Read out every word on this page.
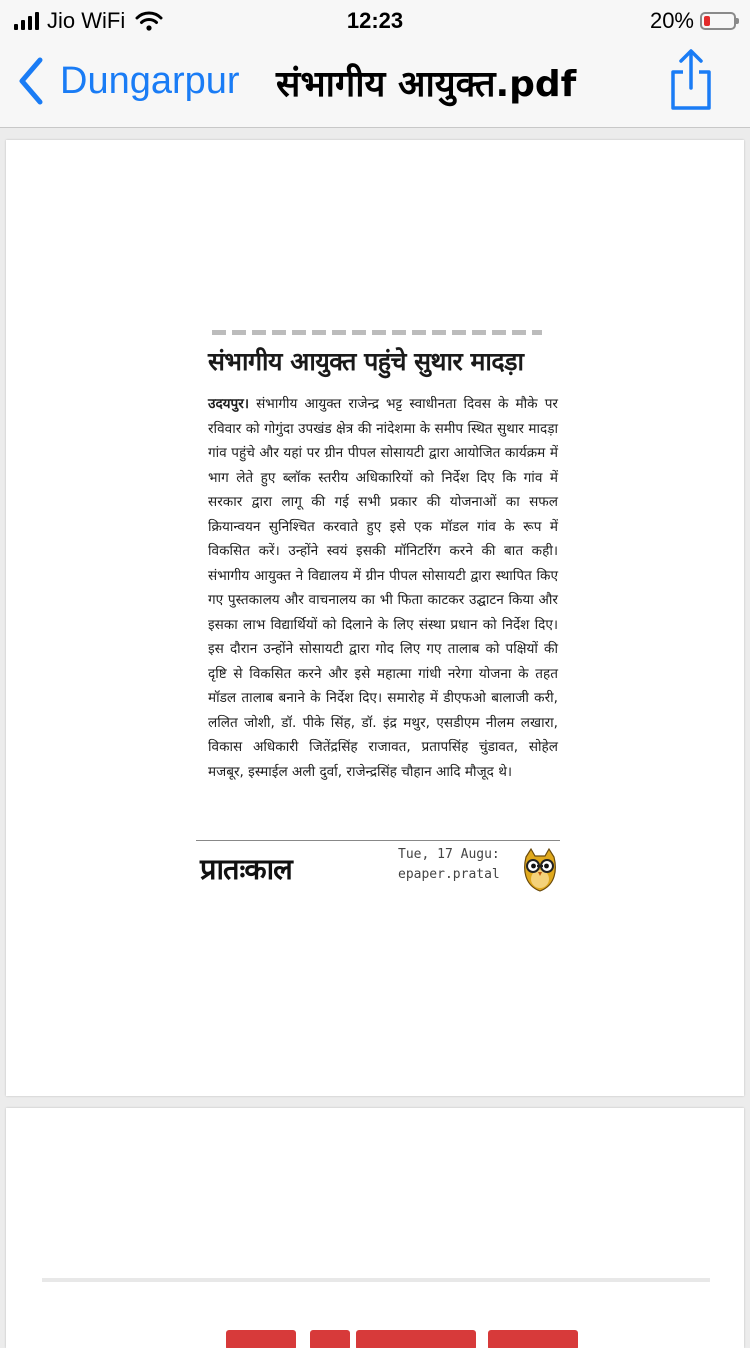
Jio WiFi	12:23	20%
Dungarpur संभागीय आयुक्त.pdf
संभागीय आयुक्त पहुंचे सुथार मादड़ा
उदयपुर। संभागीय आयुक्त राजेन्द्र भट्ट स्वाधीनता दिवस के मौके पर रविवार को गोगुंदा उपखंड क्षेत्र की नांदेशमा के समीप स्थित सुथार मादड़ा गांव पहुंचे और यहां पर ग्रीन पीपल सोसायटी द्वारा आयोजित कार्यक्रम में भाग लेते हुए ब्लॉक स्तरीय अधिकारियों को निर्देश दिए कि गांव में सरकार द्वारा लागू की गई सभी प्रकार की योजनाओं का सफल क्रियान्वयन सुनिश्चित करवाते हुए इसे एक मॉडल गांव के रूप में विकसित करें। उन्होंने स्वयं इसकी मॉनिटरिंग करने की बात कही। संभागीय आयुक्त ने विद्यालय में ग्रीन पीपल सोसायटी द्वारा स्थापित किए गए पुस्तकालय और वाचनालय का भी फिता काटकर उद्घाटन किया और इसका लाभ विद्यार्थियों को दिलाने के लिए संस्था प्रधान को निर्देश दिए। इस दौरान उन्होंने सोसायटी द्वारा गोद लिए गए तालाब को पक्षियों की दृष्टि से विकसित करने और इसे महात्मा गांधी नरेगा योजना के तहत मॉडल तालाब बनाने के निर्देश दिए। समारोह में डीएफओ बालाजी करी, ललित जोशी, डॉ. पीके सिंह, डॉ. इंद्र मथुर, एसडीएम नीलम लखारा, विकास अधिकारी जितेंद्रसिंह राजावत, प्रतापसिंह चुंडावत, सोहेल मजबूर, इस्माईल अली दुर्वा, राजेन्द्रसिंह चौहान आदि मौजूद थे।
प्रातःकाल	Tue, 17 Augu:
epaper.pratal
